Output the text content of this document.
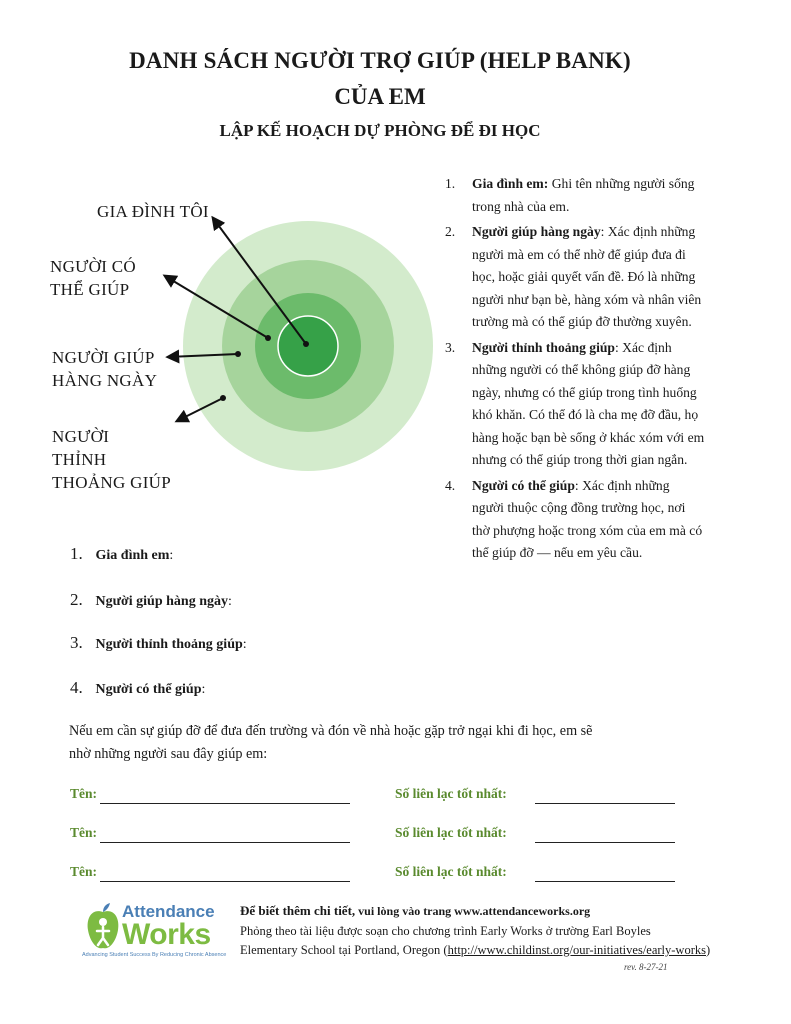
DANH SÁCH NGƯỜI TRỢ GIÚP (HELP BANK)
CỦA EM
LẬP KẾ HOẠCH DỰ PHÒNG ĐỂ ĐI HỌC
GIA ĐÌNH TÔI
NGƯỜI CÓ
THỂ GIÚP
NGƯỜI GIÚP
HÀNG NGÀY
NGƯỜI
THỈNH
THOẢNG GIÚP
1. Gia đình em: Ghi tên những người sống
trong nhà của em.
2. Người giúp hàng ngày: Xác định những
người mà em có thể nhờ để giúp đưa đi
học, hoặc giải quyết vấn đề. Đó là những
người như bạn bè, hàng xóm và nhân viên
trường mà có thể giúp đỡ thường xuyên.
3. Người thỉnh thoảng giúp: Xác định
những người có thể không giúp đỡ hàng
ngày, nhưng có thể giúp trong tình huống
khó khăn. Có thể đó là cha mẹ đỡ đầu, họ
hàng hoặc bạn bè sống ở khác xóm với em
nhưng có thể giúp trong thời gian ngắn.
4. Người có thể giúp: Xác định những
người thuộc cộng đồng trường học, nơi
thờ phượng hoặc trong xóm của em mà có
thể giúp đỡ — nếu em yêu cầu.
1. Gia đình em:
2. Người giúp hàng ngày:
3. Người thỉnh thoảng giúp:
4. Người có thể giúp:
Nếu em cần sự giúp đỡ để đưa đến trường và đón về nhà hoặc gặp trở ngại khi đi học, em sẽ
nhờ những người sau đây giúp em:
Tên:	Số liên lạc tốt nhất:
Tên:	Số liên lạc tốt nhất:
Tên:	Số liên lạc tốt nhất:
Attendance
Works
Advancing Student Success By Reducing Chronic Absence
Để biết thêm chi tiết, vui lòng vào trang www.attendanceworks.org
Phỏng theo tài liệu được soạn cho chương trình Early Works ở trường Earl Boyles
Elementary School tại Portland, Oregon (http://www.childinst.org/our-initiatives/early-works)
rev. 8-27-21
